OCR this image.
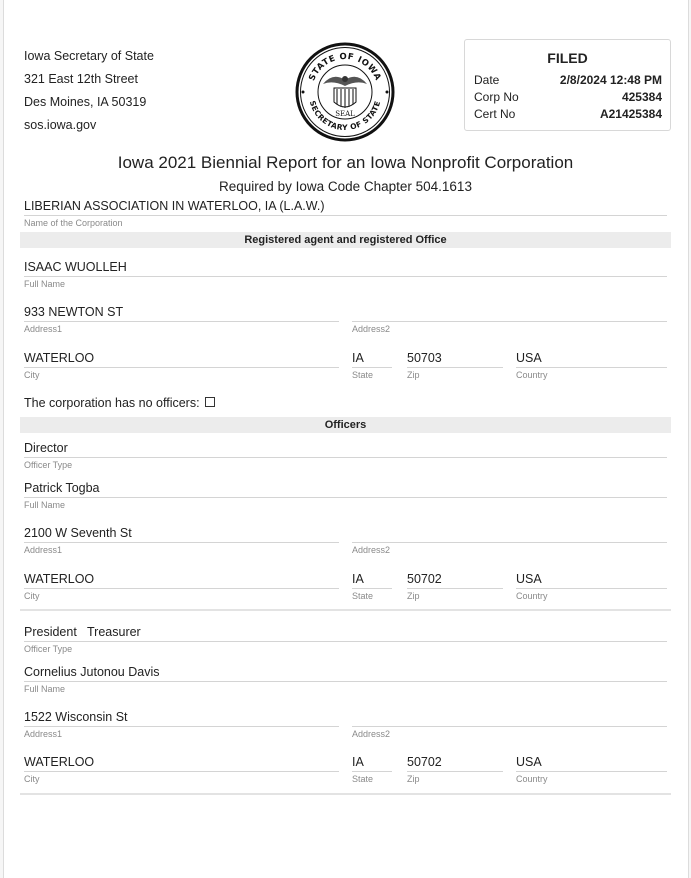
Iowa Secretary of State
321 East 12th Street
Des Moines, IA 50319
sos.iowa.gov
STATE OF IOWA
SECRETARY OF STATE
SEAL
FILED
Date	2/8/2024 12:48 PM
Corp No	425384
Cert No	A21425384
Iowa 2021 Biennial Report for an Iowa Nonprofit Corporation
Required by Iowa Code Chapter 504.1613
LIBERIAN ASSOCIATION IN WATERLOO, IA (L.A.W.)
Name of the Corporation
Registered agent and registered Office
ISAAC WUOLLEH
Full Name
933 NEWTON ST
Address1	Address2
WATERLOO
City
IA
State
50703
Zip
USA
Country
The corporation has no officers:
Officers
Director
Officer Type
Patrick Togba
Full Name
2100 W Seventh St
Address1	Address2
WATERLOO
City
IA
State
50702
Zip
USA
Country
President   Treasurer
Officer Type
Cornelius Jutonou Davis
Full Name
1522 Wisconsin St
Address1	Address2
WATERLOO
City
IA
State
50702
Zip
USA
Country
